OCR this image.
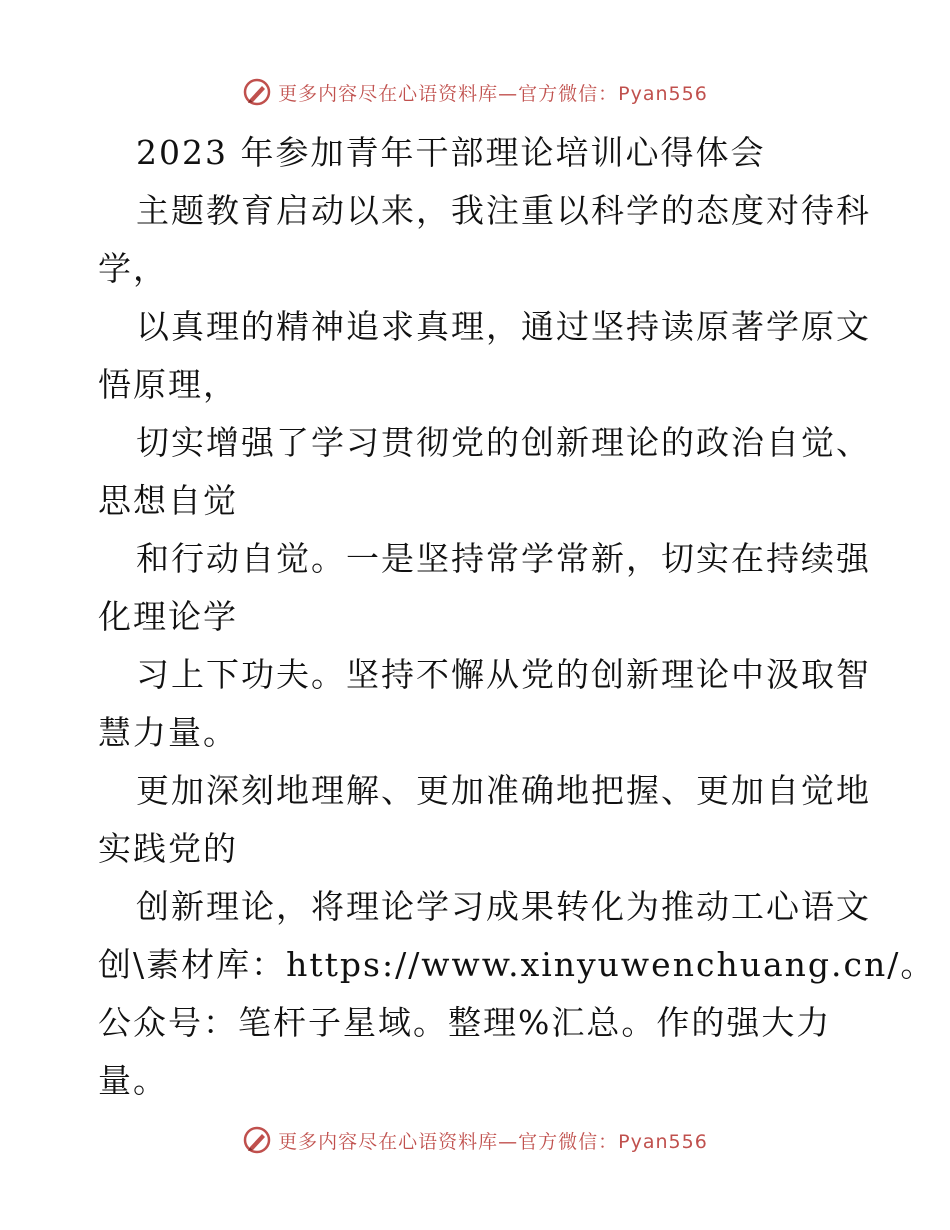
更多内容尽在心语资料库—官方微信：Pyan556
2023 年参加青年干部理论培训心得体会
主题教育启动以来，我注重以科学的态度对待科
学，
以真理的精神追求真理，通过坚持读原著学原文
悟原理，
切实增强了学习贯彻党的创新理论的政治自觉、
思想自觉
和行动自觉。一是坚持常学常新，切实在持续强
化理论学
习上下功夫。坚持不懈从党的创新理论中汲取智
慧力量。
更加深刻地理解、更加准确地把握、更加自觉地
实践党的
创新理论，将理论学习成果转化为推动工心语文
创\素材库：https://www.xinyuwenchuang.cn/。
公众号：笔杆子星域。整理%汇总。作的强大力
量。
更多内容尽在心语资料库—官方微信：Pyan556
